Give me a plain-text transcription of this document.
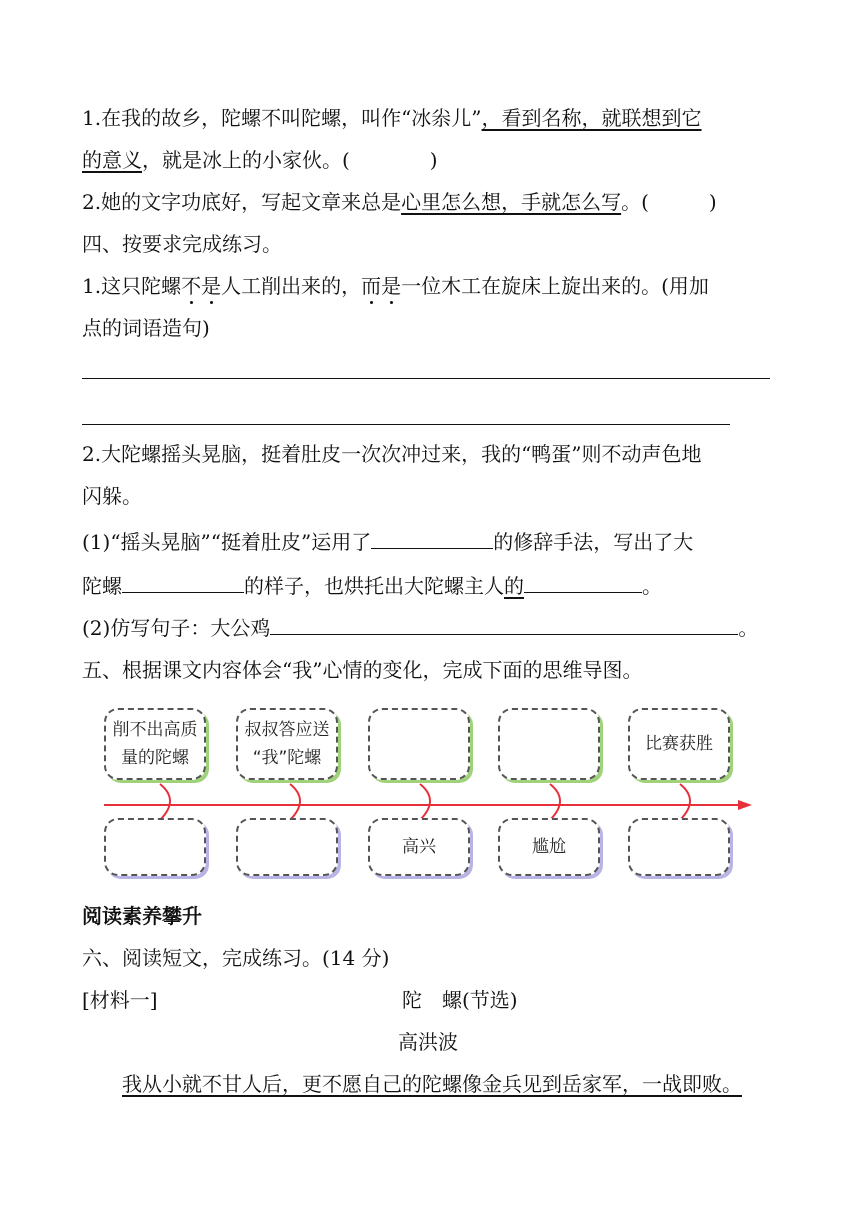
1.在我的故乡，陀螺不叫陀螺，叫作“冰尜儿”，看到名称，就联想到它
的意义，就是冰上的小家伙。(　　　　)
2.她的文字功底好，写起文章来总是心里怎么想，手就怎么写。(　　　)
四、按要求完成练习。
1.这只陀螺不是人工削出来的，而是一位木工在旋床上旋出来的。(用加
点的词语造句)
2.大陀螺摇头晃脑，挺着肚皮一次次冲过来，我的“鸭蛋”则不动声色地
闪躲。
(1)“摇头晃脑”“挺着肚皮”运用了	的修辞手法，写出了大
陀螺	的样子，也烘托出大陀螺主人的	。
(2)仿写句子：大公鸡	。
五、根据课文内容体会“我”心情的变化，完成下面的思维导图。
削不出高质
量的陀螺
叔叔答应送
“我”陀螺
比赛获胜
高兴	尴尬
阅读素养攀升
六、阅读短文，完成练习。(14 分)
[材料一]	陀　螺(节选)
高洪波
我从小就不甘人后，更不愿自己的陀螺像金兵见到岳家军，一战即败。
